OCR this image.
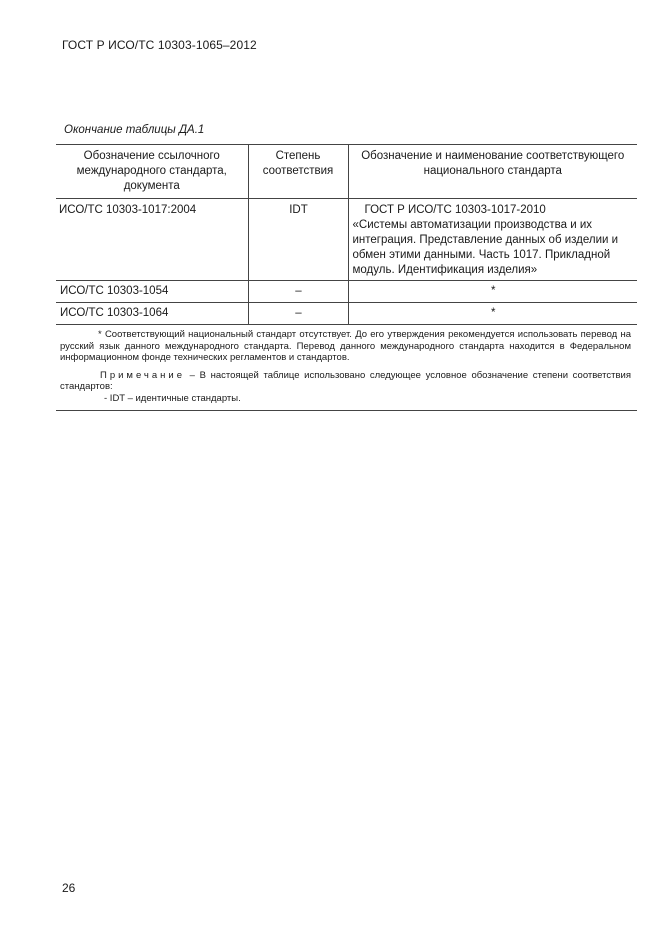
ГОСТ Р ИСО/ТС 10303-1065–2012
Окончание таблицы ДА.1
Обозначение ссылочного международного стандарта, документа	Степень соответствия	Обозначение и наименование соответствующего национального стандарта
ИСО/ТС 10303-1017:2004	IDT	ГОСТ Р ИСО/ТС 10303-1017-2010
«Системы автоматизации производства и их интеграция. Представление данных об изделии и обмен этими данными. Часть 1017. Прикладной модуль. Идентификация изделия»
ИСО/ТС 10303-1054	–	*
ИСО/ТС 10303-1064	–	*

* Соответствующий национальный стандарт отсутствует. До его утверждения рекомендуется использовать перевод на русский язык данного международного стандарта. Перевод данного международного стандарта находится в Федеральном информационном фонде технических регламентов и стандартов.

Примечание – В настоящей таблице использовано следующее условное обозначение степени соответствия стандартов:

- IDT – идентичные стандарты.

26
